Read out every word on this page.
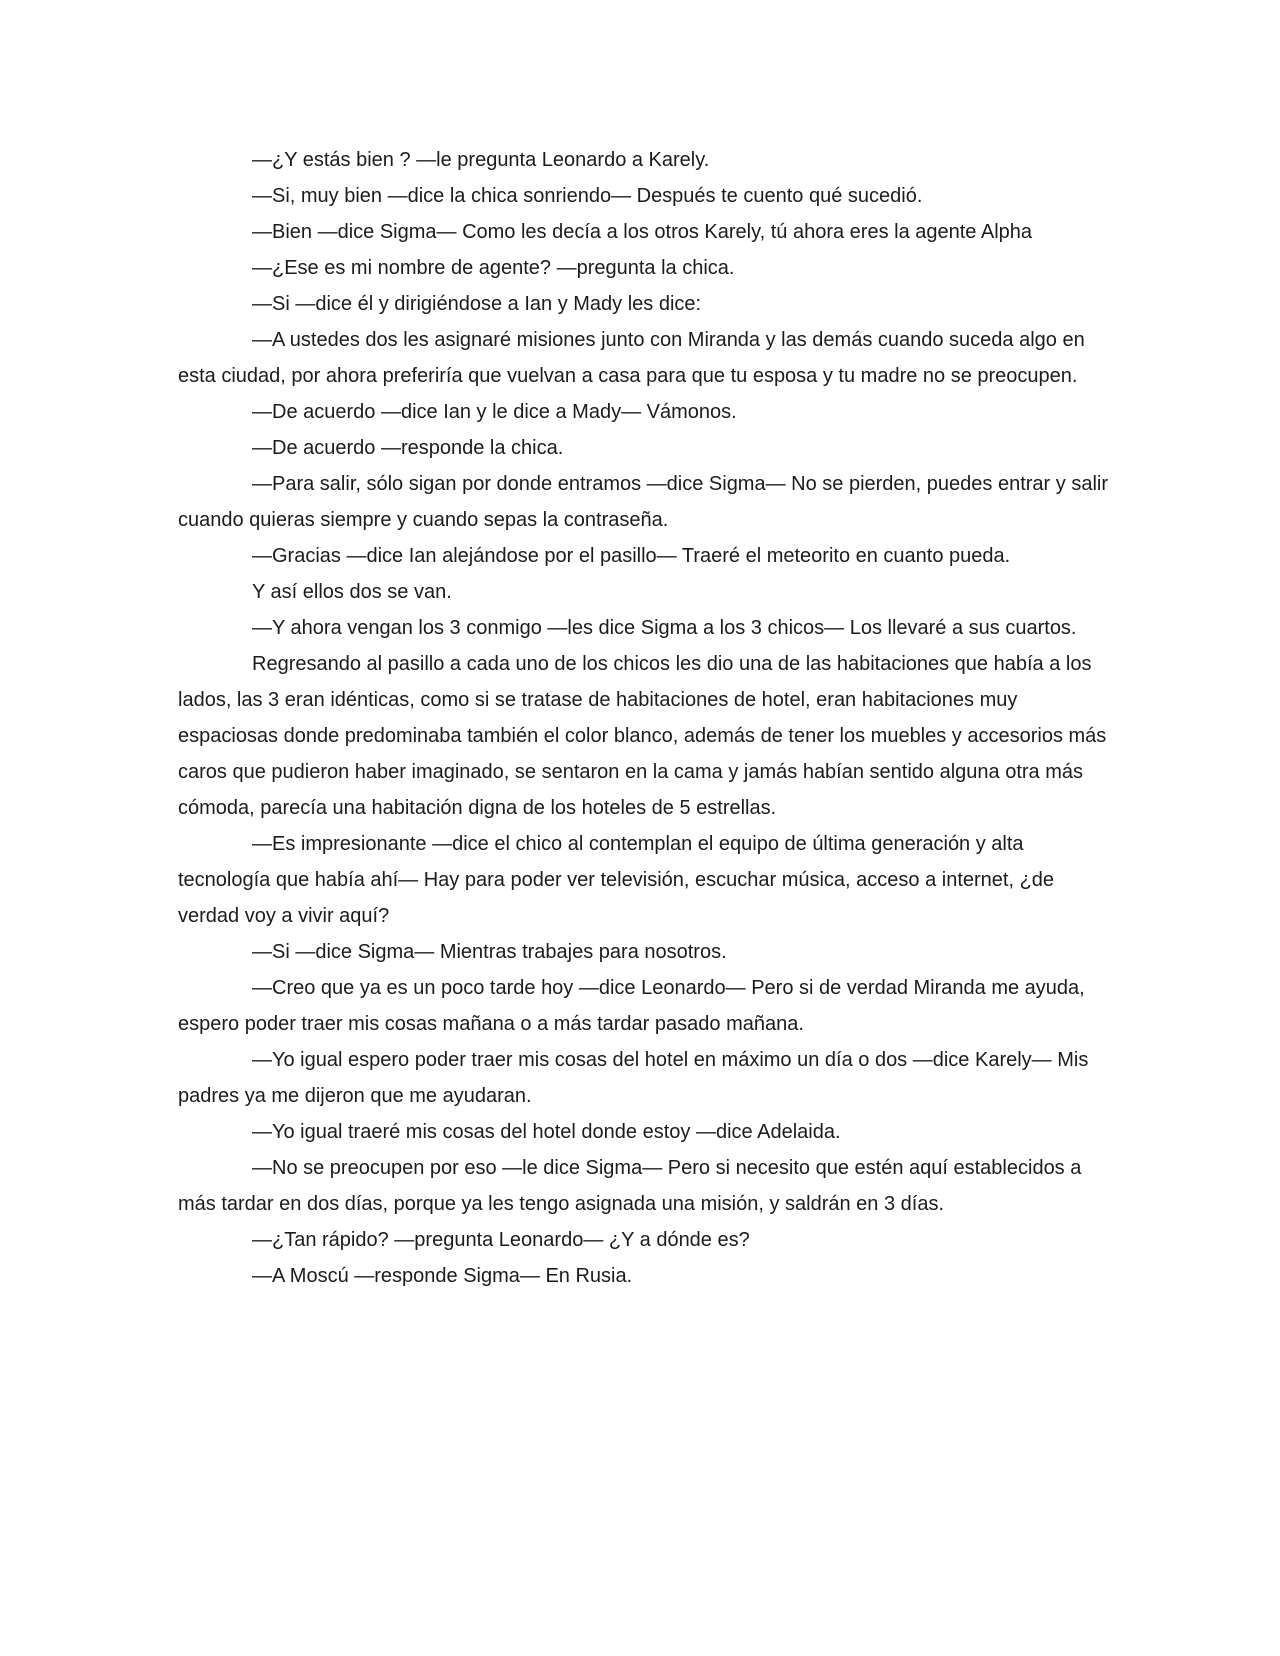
—¿Y estás bien ? —le pregunta Leonardo a Karely.

—Si, muy bien —dice la chica sonriendo— Después te cuento qué sucedió.

—Bien —dice Sigma— Como les decía a los otros Karely, tú ahora eres la agente Alpha

—¿Ese es mi nombre de agente? —pregunta la chica.

—Si —dice él y dirigiéndose a Ian y Mady les dice:

—A ustedes dos les asignaré misiones junto con Miranda y las demás cuando suceda algo en esta ciudad, por ahora preferiría que vuelvan a casa para que tu esposa y tu madre no se preocupen.

—De acuerdo —dice Ian y le dice a Mady— Vámonos.

—De acuerdo —responde la chica.

—Para salir, sólo sigan por donde entramos —dice Sigma— No se pierden, puedes entrar y salir cuando quieras siempre y cuando sepas la contraseña.

—Gracias —dice Ian alejándose por el pasillo— Traeré el meteorito en cuanto pueda.

Y así ellos dos se van.

—Y ahora vengan los 3 conmigo —les dice Sigma a los 3 chicos— Los llevaré a sus cuartos.

Regresando al pasillo a cada uno de los chicos les dio una de las habitaciones que había a los lados, las 3 eran idénticas, como si se tratase de habitaciones de hotel, eran habitaciones muy espaciosas donde predominaba también el color blanco, además de tener los muebles y accesorios más caros que pudieron haber imaginado, se sentaron en la cama y jamás habían sentido alguna otra más cómoda, parecía una habitación digna de los hoteles de 5 estrellas.

—Es impresionante —dice el chico al contemplan el equipo de última generación y alta tecnología que había ahí— Hay para poder ver televisión, escuchar música, acceso a internet, ¿de verdad voy a vivir aquí?

—Si —dice Sigma— Mientras trabajes para nosotros.

—Creo que ya es un poco tarde hoy —dice Leonardo— Pero si de verdad Miranda me ayuda, espero poder traer mis cosas mañana o a más tardar pasado mañana.

—Yo igual espero poder traer mis cosas del hotel en máximo un día o dos —dice Karely— Mis padres ya me dijeron que me ayudaran.

—Yo igual traeré mis cosas del hotel donde estoy —dice Adelaida.

—No se preocupen por eso —le dice Sigma— Pero si necesito que estén aquí establecidos a más tardar en dos días, porque ya les tengo asignada una misión, y saldrán en 3 días.

—¿Tan rápido? —pregunta Leonardo— ¿Y a dónde es?

—A Moscú —responde Sigma— En Rusia.
